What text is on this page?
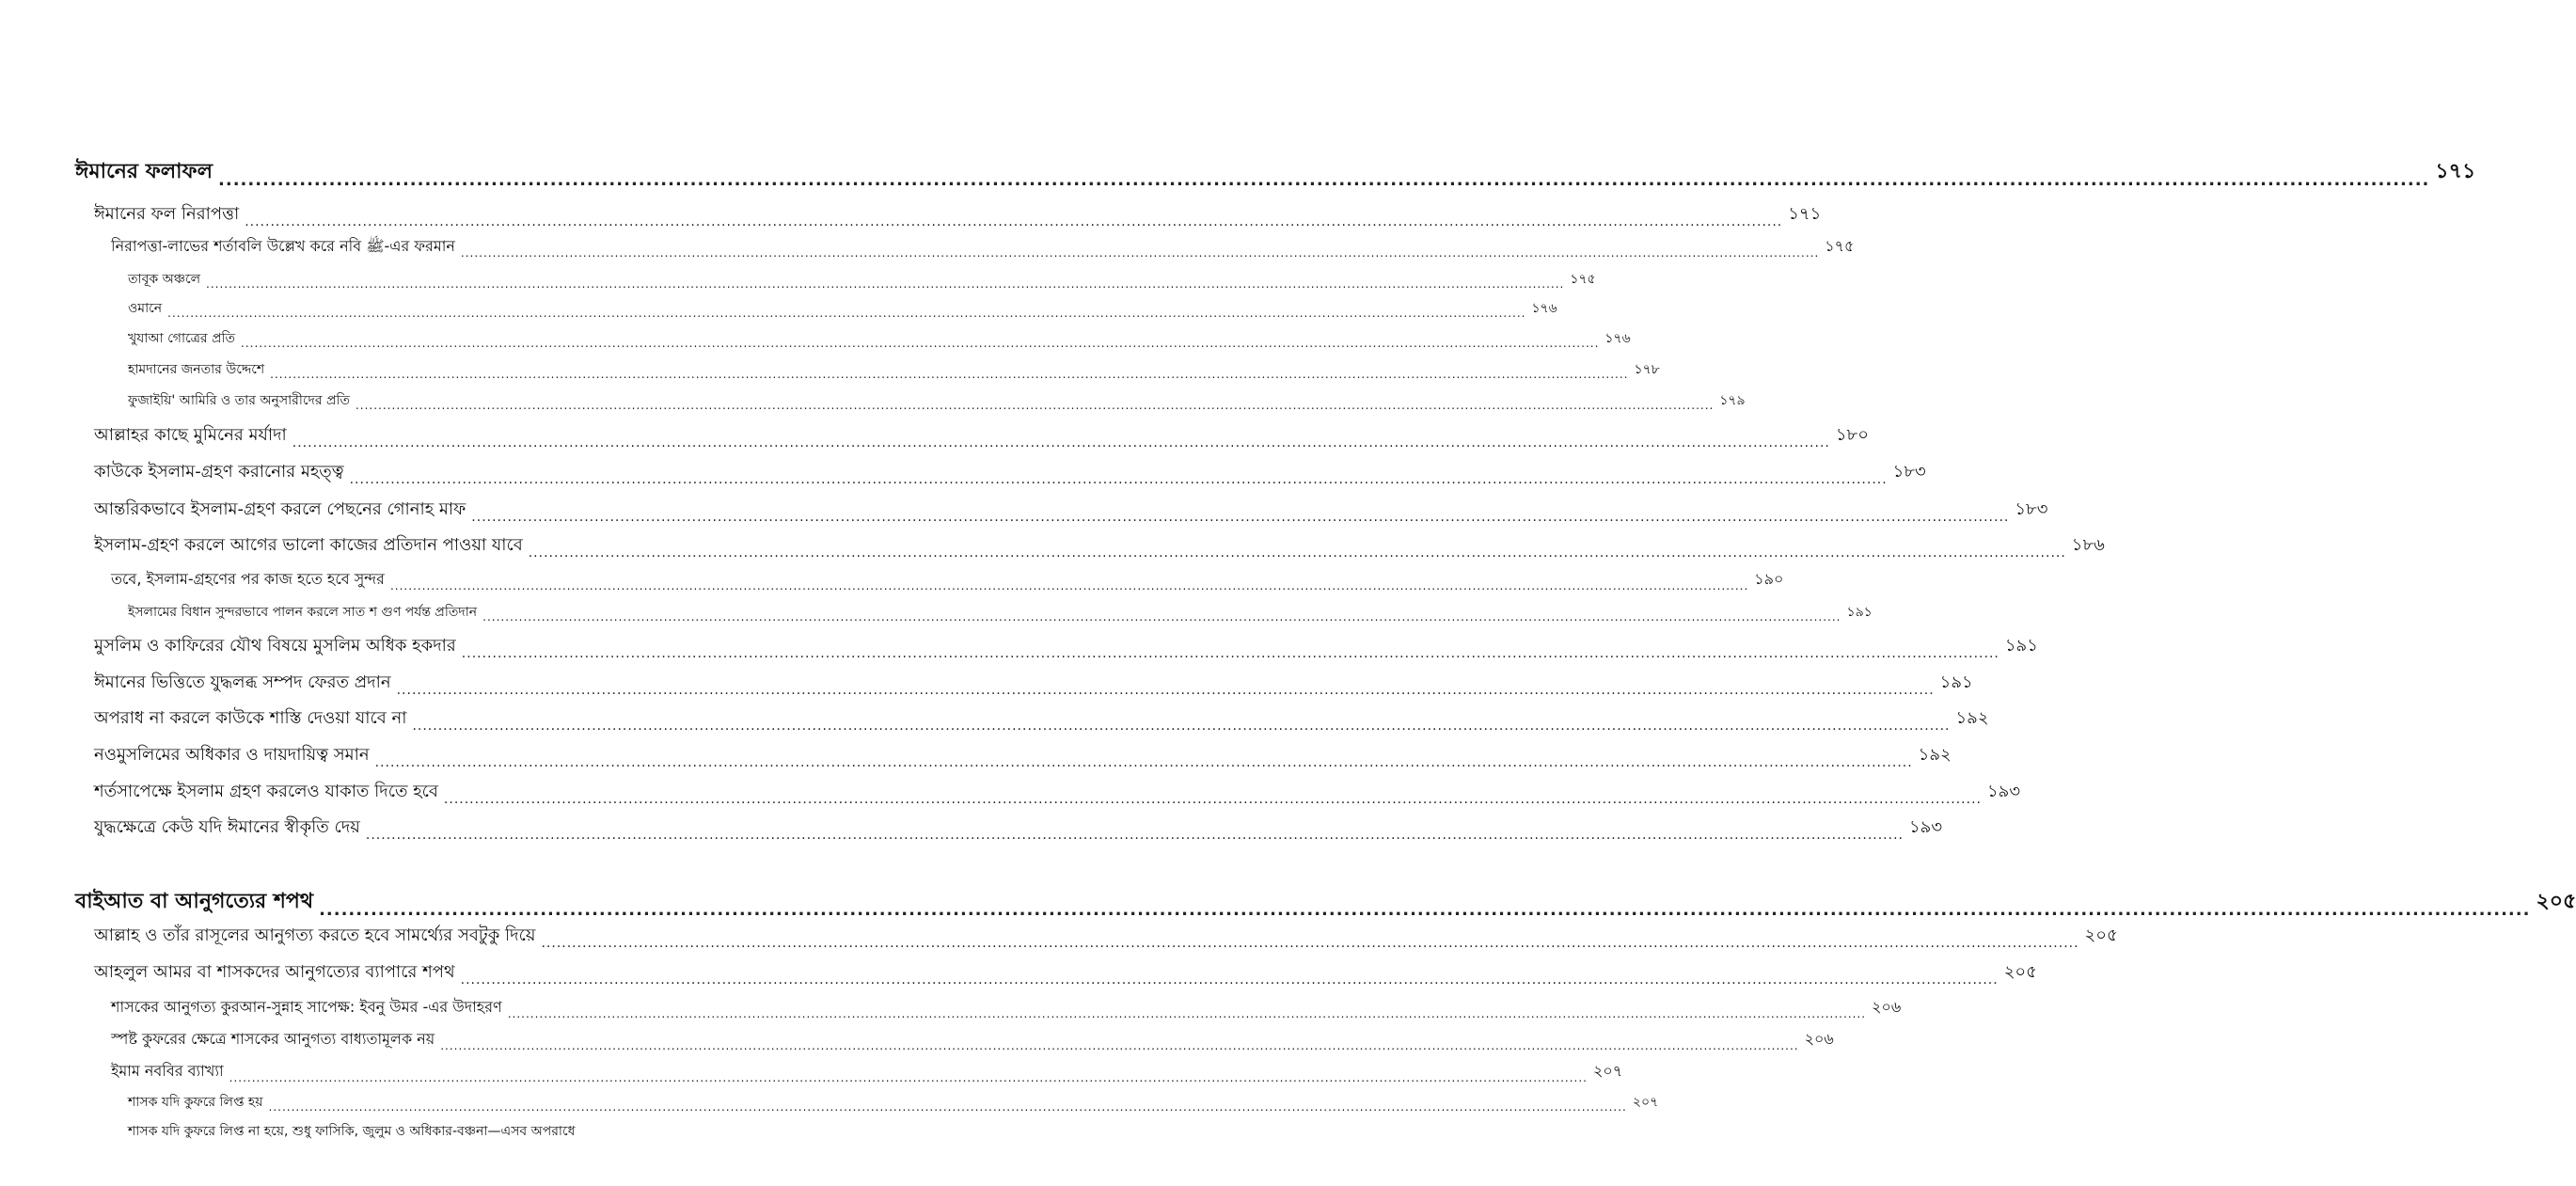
ঈমানের ফলাফল ............................................................................................................................................................................................................................................................................................................ ১৭১
ঈমানের ফল নিরাপত্তা ............................................................................................................................................................................................................................................................................................................ ১৭১
নিরাপত্তা-লাভের শর্তাবলি উল্লেখ করে নবি ﷺ-এর ফরমান ............................................................................................................................................................................................................................................................................................................ ১৭৫
তাবূক অঞ্চলে ............................................................................................................................................................................................................................................................................................................ ১৭৫
ওমানে ............................................................................................................................................................................................................................................................................................................ ১৭৬
খুযাআ গোত্রের প্রতি ............................................................................................................................................................................................................................................................................................................ ১৭৬
হামদানের জনতার উদ্দেশে ............................................................................................................................................................................................................................................................................................................ ১৭৮
ফুজাইয়ি' আমিরি ও তার অনুসারীদের প্রতি ............................................................................................................................................................................................................................................................................................................ ১৭৯
আল্লাহর কাছে মুমিনের মর্যাদা ............................................................................................................................................................................................................................................................................................................ ১৮০
কাউকে ইসলাম-গ্রহণ করানোর মহত্ত্ব ............................................................................................................................................................................................................................................................................................................ ১৮৩
আন্তরিকভাবে ইসলাম-গ্রহণ করলে পেছনের গোনাহ মাফ ............................................................................................................................................................................................................................................................................................................ ১৮৩
ইসলাম-গ্রহণ করলে আগের ভালো কাজের প্রতিদান পাওয়া যাবে ............................................................................................................................................................................................................................................................................................................ ১৮৬
তবে, ইসলাম-গ্রহণের পর কাজ হতে হবে সুন্দর ............................................................................................................................................................................................................................................................................................................ ১৯০
ইসলামের বিধান সুন্দরভাবে পালন করলে সাত শ গুণ পর্যন্ত প্রতিদান ............................................................................................................................................................................................................................................................................................................ ১৯১
মুসলিম ও কাফিরের যৌথ বিষয়ে মুসলিম অধিক হকদার ............................................................................................................................................................................................................................................................................................................ ১৯১
ঈমানের ভিত্তিতে যুদ্ধলব্ধ সম্পদ ফেরত প্রদান ............................................................................................................................................................................................................................................................................................................ ১৯১
অপরাধ না করলে কাউকে শাস্তি দেওয়া যাবে না ............................................................................................................................................................................................................................................................................................................ ১৯২
নওমুসলিমের অধিকার ও দায়দায়িত্ব সমান ............................................................................................................................................................................................................................................................................................................ ১৯২
শর্তসাপেক্ষে ইসলাম গ্রহণ করলেও যাকাত দিতে হবে ............................................................................................................................................................................................................................................................................................................ ১৯৩
যুদ্ধক্ষেত্রে কেউ যদি ঈমানের স্বীকৃতি দেয় ............................................................................................................................................................................................................................................................................................................ ১৯৩
বাইআত বা আনুগত্যের শপথ ............................................................................................................................................................................................................................................................................................................ ২০৫
আল্লাহ ও তাঁর রাসূলের আনুগত্য করতে হবে সামর্থ্যের সবটুকু দিয়ে ............................................................................................................................................................................................................................................................................................................ ২০৫
আহলুল আমর বা শাসকদের আনুগত্যের ব্যাপারে শপথ ............................................................................................................................................................................................................................................................................................................ ২০৫
শাসকের আনুগত্য কুরআন-সুন্নাহ সাপেক্ষ: ইবনু উমর -এর উদাহরণ ............................................................................................................................................................................................................................................................................................................ ২০৬
স্পষ্ট কুফরের ক্ষেত্রে শাসকের আনুগত্য বাধ্যতামূলক নয় ............................................................................................................................................................................................................................................................................................................ ২০৬
ইমাম নববির ব্যাখ্যা ............................................................................................................................................................................................................................................................................................................ ২০৭
শাসক যদি কুফরে লিপ্ত হয় ............................................................................................................................................................................................................................................................................................................ ২০৭
শাসক যদি কুফরে লিপ্ত না হয়ে, শুধু ফাসিকি, জুলুম ও অধিকার-বঞ্চনা—এসব অপরাধে
